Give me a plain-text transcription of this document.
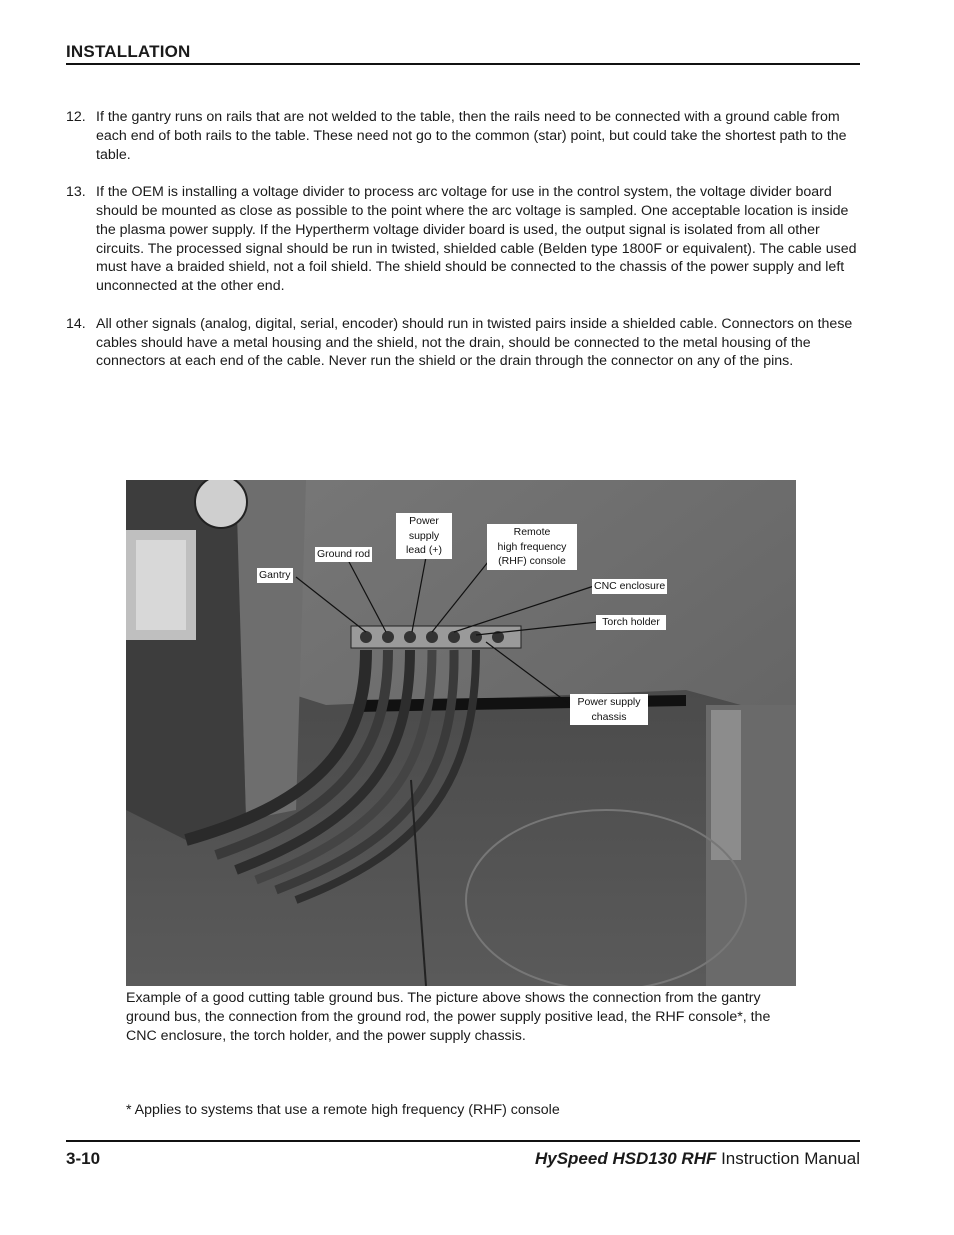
INSTALLATION
12. If the gantry runs on rails that are not welded to the table, then the rails need to be connected with a ground cable from each end of both rails to the table. These need not go to the common (star) point, but could take the shortest path to the table.
13. If the OEM is installing a voltage divider to process arc voltage for use in the control system, the voltage divider board should be mounted as close as possible to the point where the arc voltage is sampled. One acceptable location is inside the plasma power supply. If the Hypertherm voltage divider board is used, the output signal is isolated from all other circuits. The processed signal should be run in twisted, shielded cable (Belden type 1800F or equivalent). The cable used must have a braided shield, not a foil shield. The shield should be connected to the chassis of the power supply and left unconnected at the other end.
14. All other signals (analog, digital, serial, encoder) should run in twisted pairs inside a shielded cable. Connectors on these cables should have a metal housing and the shield, not the drain, should be connected to the metal housing of the connectors at each end of the cable. Never run the shield or the drain through the connector on any of the pins.
Gantry
Ground rod
Power
supply
lead (+)
Remote
high frequency
(RHF) console
CNC enclosure
Torch holder
Power supply
chassis
Example of a good cutting table ground bus. The picture above shows the connection from the gantry ground bus, the connection from the ground rod, the power supply positive lead, the RHF console*, the CNC enclosure, the torch holder, and the power supply chassis.
* Applies to systems that use a remote high frequency (RHF) console
3-10	HySpeed HSD130 RHF Instruction Manual
